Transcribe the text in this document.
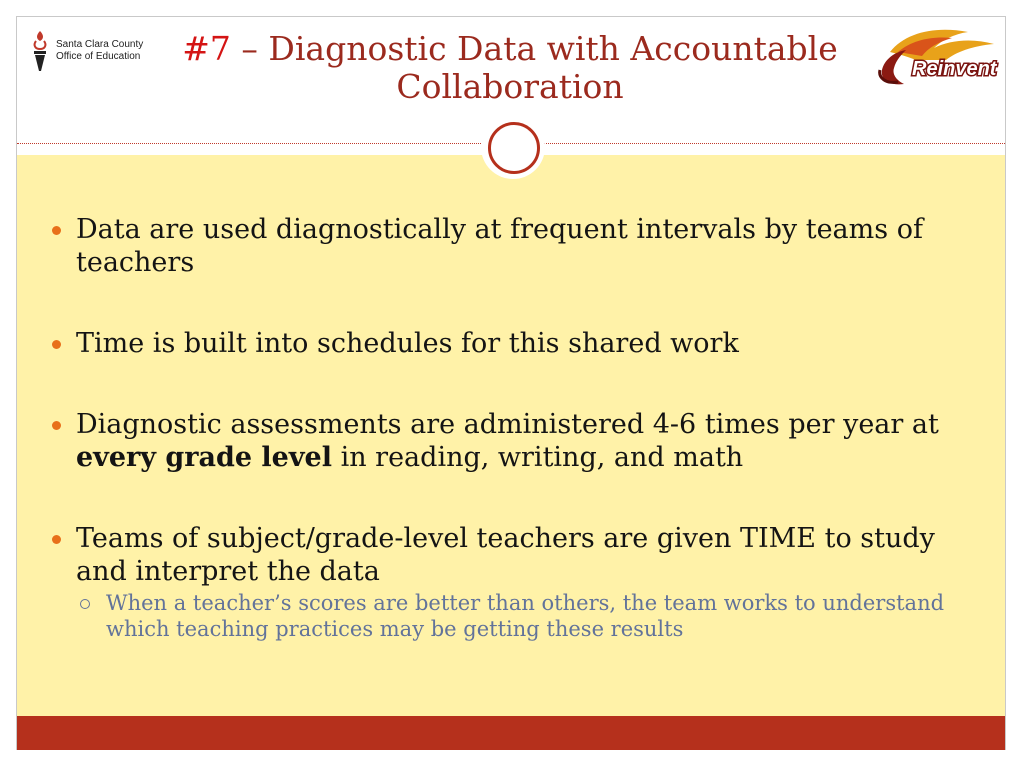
Santa Clara County
Office of Education	#7 – Diagnostic Data with Accountable Collaboration	Reinvent
Data are used diagnostically at frequent intervals by teams of teachers
Time is built into schedules for this shared work
Diagnostic assessments are administered 4-6 times per year at every grade level in reading, writing, and math
Teams of subject/grade-level teachers are given TIME to study and interpret the data
When a teacher’s scores are better than others, the team works to understand which teaching practices may be getting these results
